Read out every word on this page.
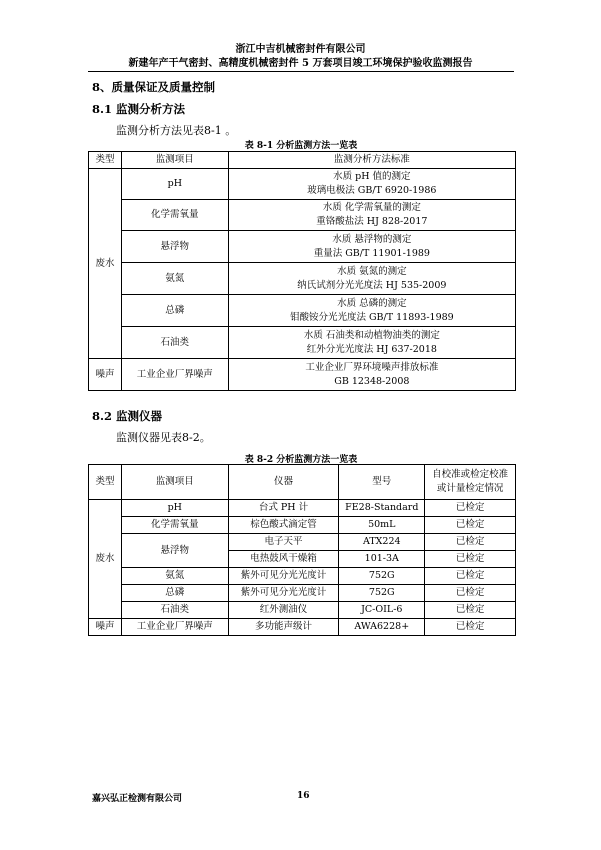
浙江中吉机械密封件有限公司
新建年产干气密封、高精度机械密封件 5 万套项目竣工环境保护验收监测报告
8、质量保证及质量控制
8.1 监测分析方法
监测分析方法见表8-1 。
表 8-1 分析监测方法一览表
类型	监测项目	监测分析方法标准
废水	pH	水质 pH 值的测定
玻璃电极法 GB/T 6920-1986

	化学需氧量	水质 化学需氧量的测定
重铬酸盐法 HJ 828-2017

	悬浮物	水质 悬浮物的测定
重量法 GB/T 11901-1989

	氨氮	水质 氨氮的测定
纳氏试剂分光光度法 HJ 535-2009

	总磷	水质 总磷的测定
钼酸铵分光光度法 GB/T 11893-1989

	石油类	水质 石油类和动植物油类的测定
红外分光光度法 HJ 637-2018

噪声	工业企业厂界噪声	工业企业厂界环境噪声排放标准
GB 12348-2008
8.2 监测仪器
监测仪器见表8-2。
表 8-2 分析监测方法一览表
类型	监测项目	仪器	型号	自校准或检定校准
或计量检定情况

废水	pH	台式 PH 计	FE28-Standard	已检定
	化学需氧量	棕色酸式滴定管	50mL	已检定
	悬浮物	电子天平	ATX224	已检定
		电热鼓风干燥箱	101-3A	已检定
	氨氮	紫外可见分光光度计	752G	已检定
	总磷	紫外可见分光光度计	752G	已检定
	石油类	红外测油仪	JC-OIL-6	已检定
噪声	工业企业厂界噪声	多功能声级计	AWA6228+	已检定
嘉兴弘正检测有限公司	16
